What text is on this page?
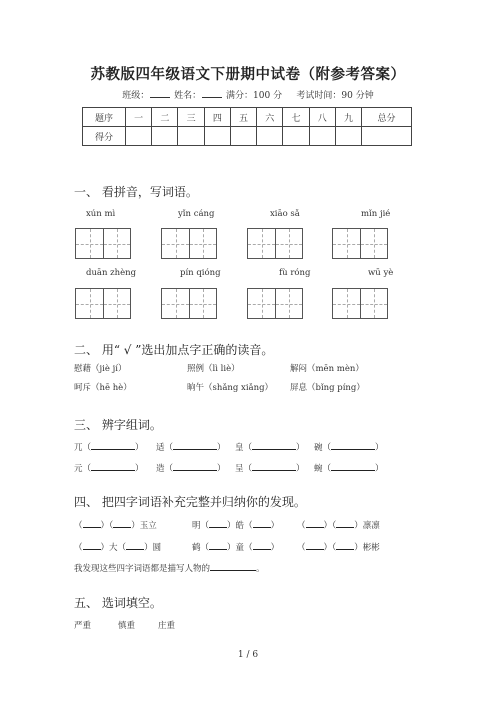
苏教版四年级语文下册期中试卷（附参考答案）
班级：	姓名：	满分：100 分 考试时间：90 分钟
题序	一	二	三	四	五	六	七	八	九	总分
得分										
一、 看拼音，写词语。
xún mì	yǐn cáng	xiāo sǎ	mǐn jié
duān zhèng	pín qióng	fù róng	wū yè
二、 用“ √ ”选出加点字正确的读音。
慰藉（jiè jí）	照例（lì liè）	解闷（mēn mèn）
呵斥（hē hè）	晌午（shǎng xiǎng） 屏息（bǐng píng）
三、 辨字组词。
兀（	） 适（	） 皇（	） 碗（	）
元（	） 造（	） 呈（	） 蜿（	）
四、 把四字词语补充完整并归纳你的发现。
（ ）（ ）玉立	明（ ）皓（ ） （ ）（ ）凛凛
（ ）大（ ）圆	鹤（ ）童（ ） （ ）（ ）彬彬
我发现这些四字词语都是描写人物的	。
五、 选词填空。
严重	慎重	庄重
1 / 6
